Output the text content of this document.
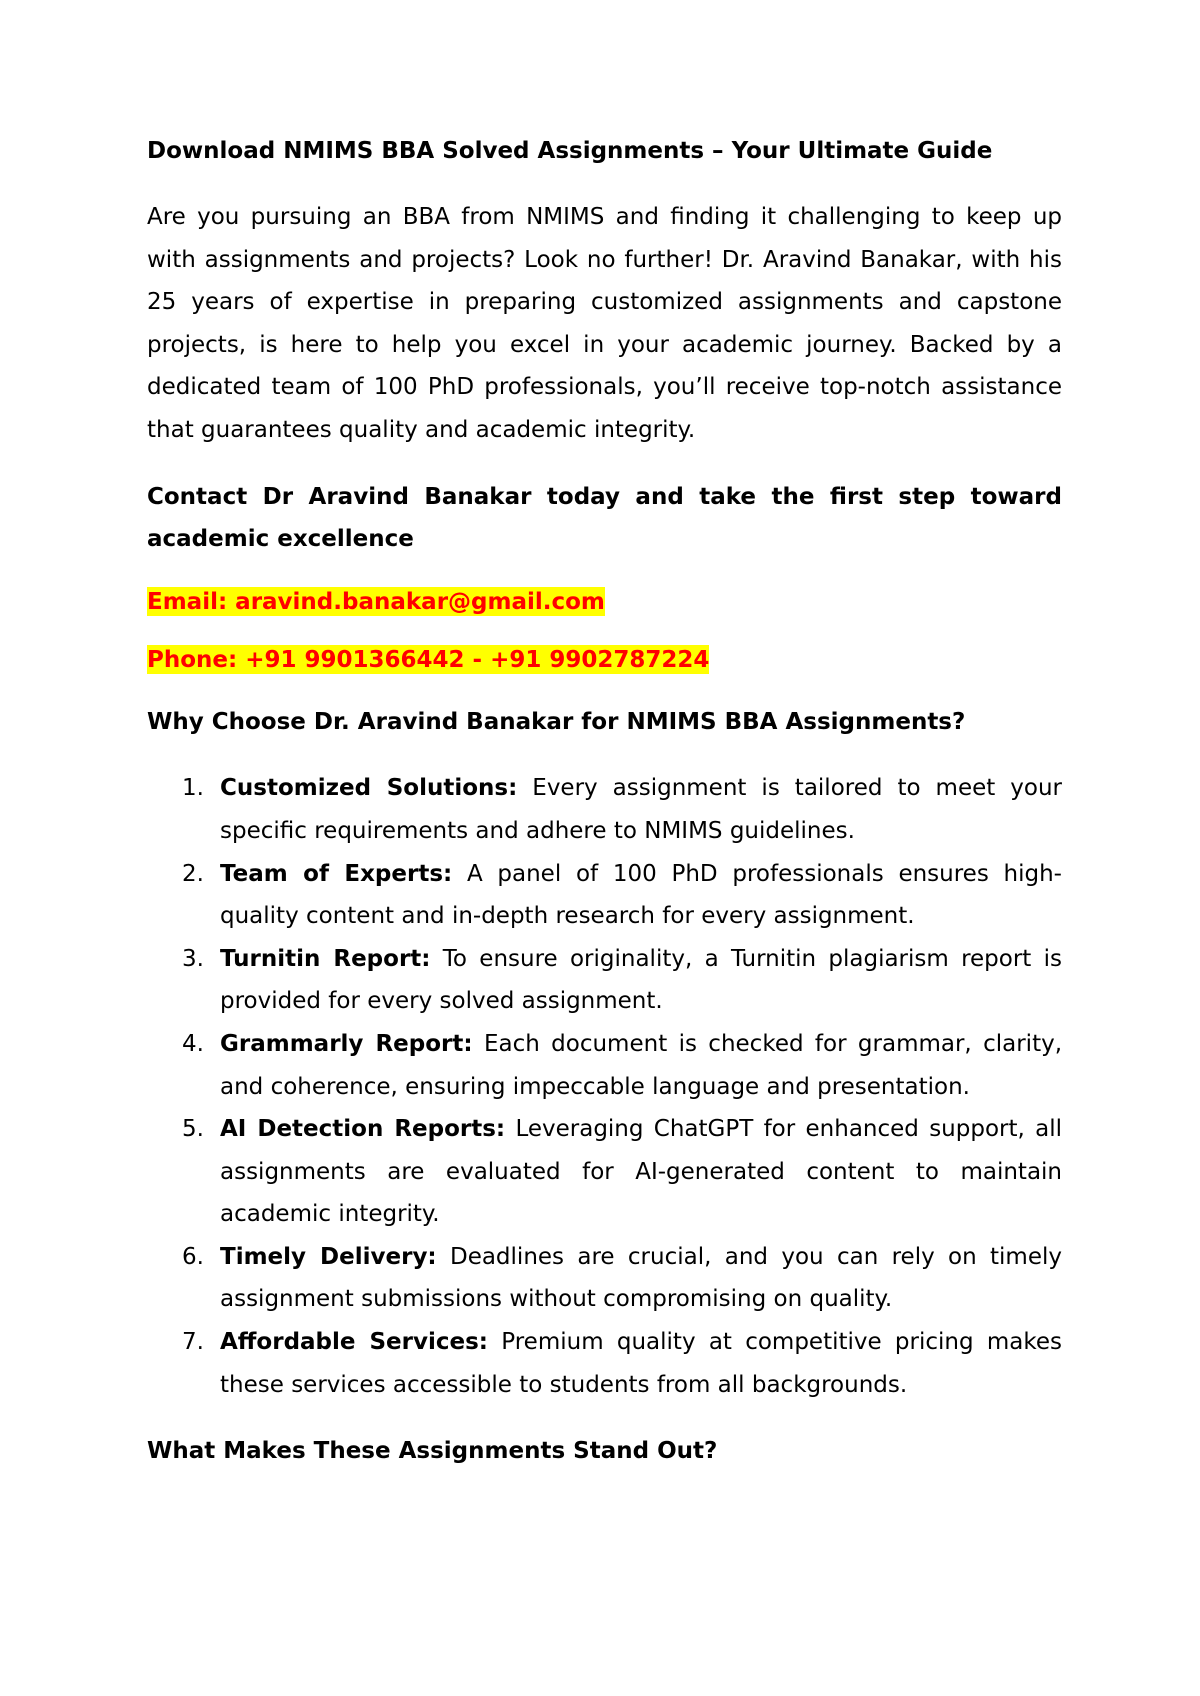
Download NMIMS BBA Solved Assignments – Your Ultimate Guide

Are you pursuing an BBA from NMIMS and finding it challenging to keep up with assignments and projects? Look no further! Dr. Aravind Banakar, with his 25 years of expertise in preparing customized assignments and capstone projects, is here to help you excel in your academic journey. Backed by a dedicated team of 100 PhD professionals, you’ll receive top-notch assistance that guarantees quality and academic integrity.

Contact Dr Aravind Banakar today and take the first step toward academic excellence

Email: aravind.banakar@gmail.com
Phone: +91 9901366442 - +91 9902787224

Why Choose Dr. Aravind Banakar for NMIMS BBA Assignments?

1. Customized Solutions: Every assignment is tailored to meet your specific requirements and adhere to NMIMS guidelines.
2. Team of Experts: A panel of 100 PhD professionals ensures high-quality content and in-depth research for every assignment.
3. Turnitin Report: To ensure originality, a Turnitin plagiarism report is provided for every solved assignment.
4. Grammarly Report: Each document is checked for grammar, clarity, and coherence, ensuring impeccable language and presentation.
5. AI Detection Reports: Leveraging ChatGPT for enhanced support, all assignments are evaluated for AI-generated content to maintain academic integrity.
6. Timely Delivery: Deadlines are crucial, and you can rely on timely assignment submissions without compromising on quality.
7. Affordable Services: Premium quality at competitive pricing makes these services accessible to students from all backgrounds.

What Makes These Assignments Stand Out?
